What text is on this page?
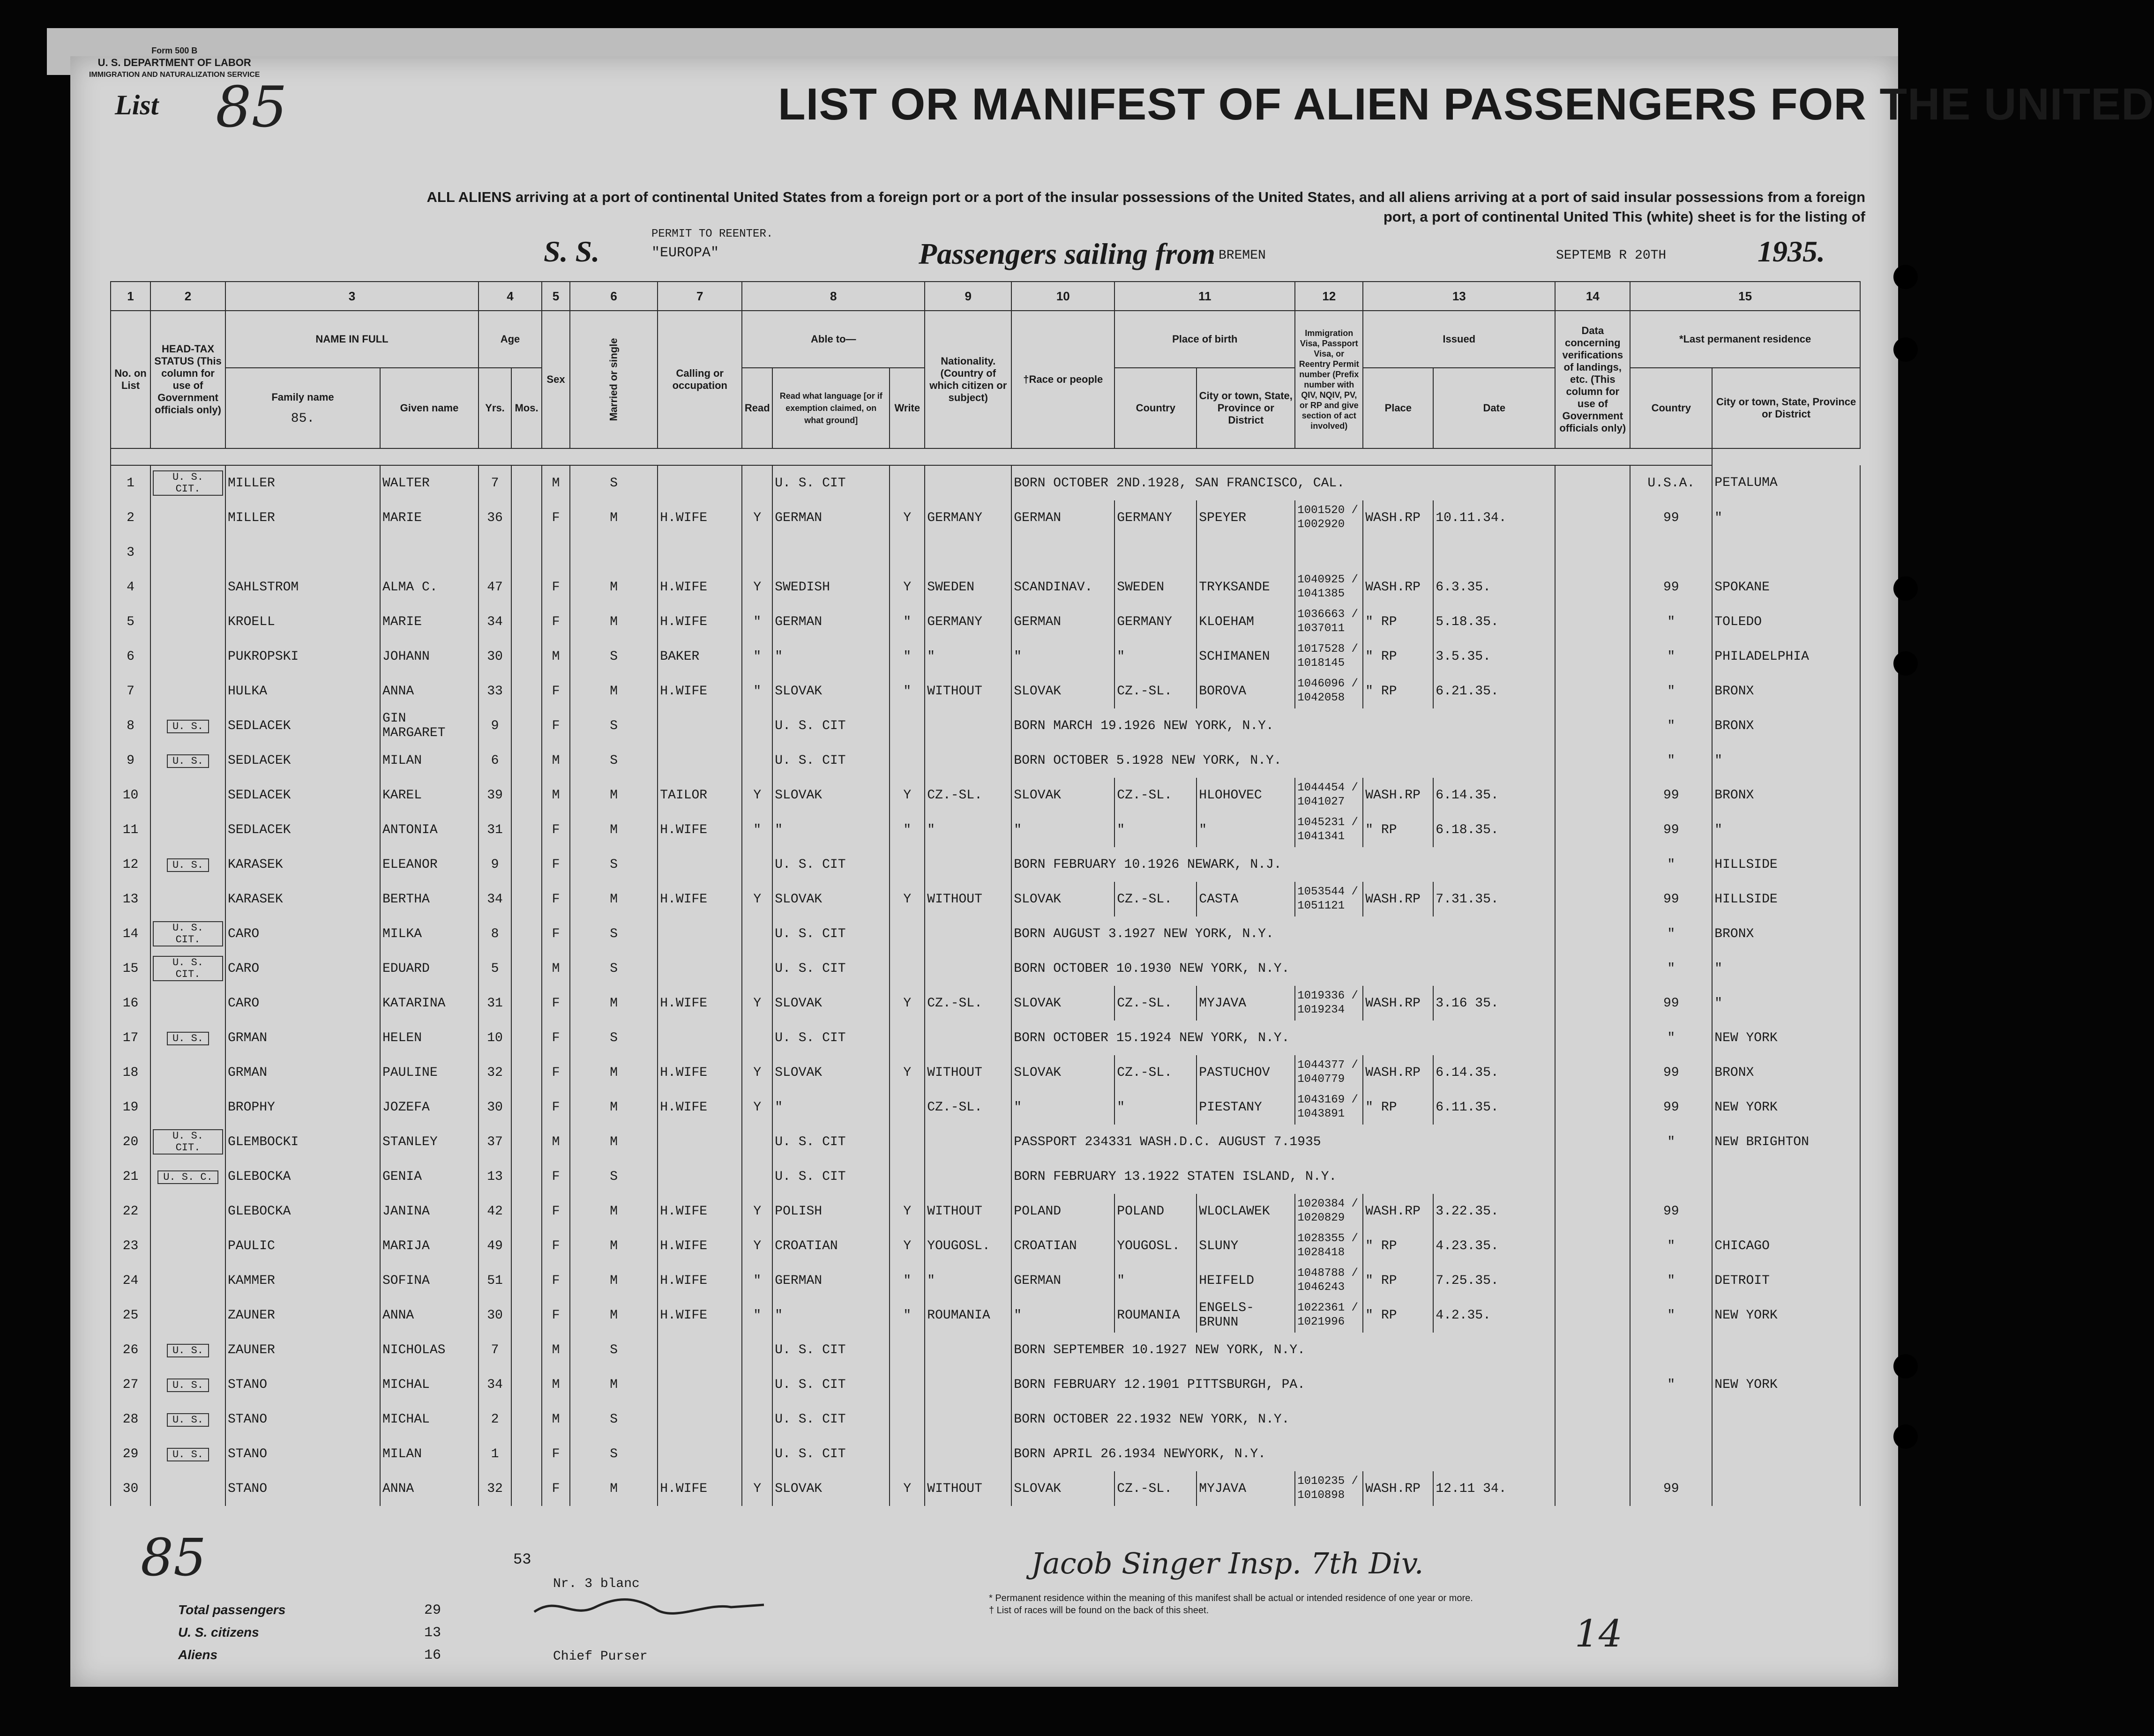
Form 500 B
U. S. DEPARTMENT OF LABOR
IMMIGRATION AND NATURALIZATION SERVICE
List 85	LIST OR MANIFEST OF ALIEN PASSENGERS FOR THE UNITED
ALL ALIENS arriving at a port of continental United States from a foreign port or a port of the insular possessions of the United States, and all aliens arriving at a port of said insular possessions from a foreign port, a port of continental United This (white) sheet is for the listing of
S. S.
PERMIT TO REENTER.
"EUROPA"	Passengers sailing from BREMEN	SEPTEMB R 20TH	1935.
1	2	3		4		5	6	7	8			9	10	11		12	13		14	15	
No. on List	HEAD-TAX STATUS (This column for use of Government officials only)	NAME IN FULL		Age		Sex	Married or single	Calling or occupation	Able to—			Nationality. (Country of which citizen or subject)	†Race or people	Place of birth		Immigration Visa, Passport Visa, or Reentry Permit number (Prefix number with QIV, NQIV, PV, or RP and give section of act involved)	Issued		Data concerning verifications of landings, etc. (This column for use of Government officials only)	*Last permanent residence	

		Family name
85.	Given name	Yrs.	Mos.				Read	Read what language [or if exemption claimed, on what ground]	Write			Country	City or town, State, Province or District		Place	Date		Country	City or town, State, Province or District

1	U. S. CIT.	MILLER	WALTER	7		M	S			U. S. CIT			BORN OCTOBER 2ND.1928, SAN FRANCISCO, CAL.							U.S.A.	PETALUMA
2		MILLER	MARIE	36		F	M	H.WIFE	Y	GERMAN	Y	GERMANY	GERMAN	GERMANY	SPEYER	1001520 / 1002920	WASH.RP	10.11.34.		99	"
3																					
4		SAHLSTROM	ALMA C.	47		F	M	H.WIFE	Y	SWEDISH	Y	SWEDEN	SCANDINAV.	SWEDEN	TRYKSANDE	1040925 / 1041385	WASH.RP	6.3.35.		99	SPOKANE
5		KROELL	MARIE	34		F	M	H.WIFE	"	GERMAN	"	GERMANY	GERMAN	GERMANY	KLOEHAM	1036663 / 1037011	" RP	5.18.35.		"	TOLEDO
6		PUKROPSKI	JOHANN	30		M	S	BAKER	"	"	"	"	"	"	SCHIMANEN	1017528 / 1018145	" RP	3.5.35.		"	PHILADELPHIA
7		HULKA	ANNA	33		F	M	H.WIFE	"	SLOVAK	"	WITHOUT	SLOVAK	CZ.-SL.	BOROVA	1046096 / 1042058	" RP	6.21.35.		"	BRONX
8	U. S.	SEDLACEK	GIN MARGARET	9		F	S			U. S. CIT			BORN MARCH 19.1926 NEW YORK, N.Y.							"	BRONX
9	U. S.	SEDLACEK	MILAN	6		M	S			U. S. CIT			BORN OCTOBER 5.1928 NEW YORK, N.Y.							"	"
10		SEDLACEK	KAREL	39		M	M	TAILOR	Y	SLOVAK	Y	CZ.-SL.	SLOVAK	CZ.-SL.	HLOHOVEC	1044454 / 1041027	WASH.RP	6.14.35.		99	BRONX
11		SEDLACEK	ANTONIA	31		F	M	H.WIFE	"	"	"	"	"	"	"	1045231 / 1041341	" RP	6.18.35.		99	"
12	U. S.	KARASEK	ELEANOR	9		F	S			U. S. CIT			BORN FEBRUARY 10.1926 NEWARK, N.J.							"	HILLSIDE
13		KARASEK	BERTHA	34		F	M	H.WIFE	Y	SLOVAK	Y	WITHOUT	SLOVAK	CZ.-SL.	CASTA	1053544 / 1051121	WASH.RP	7.31.35.		99	HILLSIDE
14	U. S. CIT.	CARO	MILKA	8		F	S			U. S. CIT			BORN AUGUST 3.1927 NEW YORK, N.Y.							"	BRONX
15	U. S. CIT.	CARO	EDUARD	5		M	S			U. S. CIT			BORN OCTOBER 10.1930 NEW YORK, N.Y.							"	"
16		CARO	KATARINA	31		F	M	H.WIFE	Y	SLOVAK	Y	CZ.-SL.	SLOVAK	CZ.-SL.	MYJAVA	1019336 / 1019234	WASH.RP	3.16 35.		99	"
17	U. S.	GRMAN	HELEN	10		F	S			U. S. CIT			BORN OCTOBER 15.1924 NEW YORK, N.Y.							"	NEW YORK
18		GRMAN	PAULINE	32		F	M	H.WIFE	Y	SLOVAK	Y	WITHOUT	SLOVAK	CZ.-SL.	PASTUCHOV	1044377 / 1040779	WASH.RP	6.14.35.		99	BRONX
19		BROPHY	JOZEFA	30		F	M	H.WIFE	Y	"		CZ.-SL.	"	"	PIESTANY	1043169 / 1043891	" RP	6.11.35.		99	NEW YORK
20	U. S. CIT.	GLEMBOCKI	STANLEY	37		M	M			U. S. CIT			PASSPORT 234331 WASH.D.C. AUGUST 7.1935							"	NEW BRIGHTON
21	U. S. C.	GLEBOCKA	GENIA	13		F	S			U. S. CIT			BORN FEBRUARY 13.1922 STATEN ISLAND, N.Y.								
22		GLEBOCKA	JANINA	42		F	M	H.WIFE	Y	POLISH	Y	WITHOUT	POLAND	POLAND	WLOCLAWEK	1020384 / 1020829	WASH.RP	3.22.35.		99	
23		PAULIC	MARIJA	49		F	M	H.WIFE	Y	CROATIAN	Y	YOUGOSL.	CROATIAN	YOUGOSL.	SLUNY	1028355 / 1028418	" RP	4.23.35.		"	CHICAGO
24		KAMMER	SOFINA	51		F	M	H.WIFE	"	GERMAN	"	"	GERMAN	"	HEIFELD	1048788 / 1046243	" RP	7.25.35.		"	DETROIT
25		ZAUNER	ANNA	30		F	M	H.WIFE	"	"	"	ROUMANIA	"	ROUMANIA	ENGELS-BRUNN	1022361 / 1021996	" RP	4.2.35.		"	NEW YORK
26	U. S.	ZAUNER	NICHOLAS	7		M	S			U. S. CIT			BORN SEPTEMBER 10.1927 NEW YORK, N.Y.								
27	U. S.	STANO	MICHAL	34		M	M			U. S. CIT			BORN FEBRUARY 12.1901 PITTSBURGH, PA.							"	NEW YORK
28	U. S.	STANO	MICHAL	2		M	S			U. S. CIT			BORN OCTOBER 22.1932 NEW YORK, N.Y.								
29	U. S.	STANO	MILAN	1		F	S			U. S. CIT			BORN APRIL 26.1934 NEWYORK, N.Y.								
30		STANO	ANNA	32		F	M	H.WIFE	Y	SLOVAK	Y	WITHOUT	SLOVAK	CZ.-SL.	MYJAVA	1010235 / 1010898	WASH.RP	12.11 34.		99	
85	53
Nr. 3 blanc
Total passengers	29
U. S. citizens	13
Aliens	16	Chief Purser
Jacob Singer Insp. 7th Div.
* Permanent residence within the meaning of this manifest shall be actual or intended residence of one year or more.
† List of races will be found on the back of this sheet.
14
